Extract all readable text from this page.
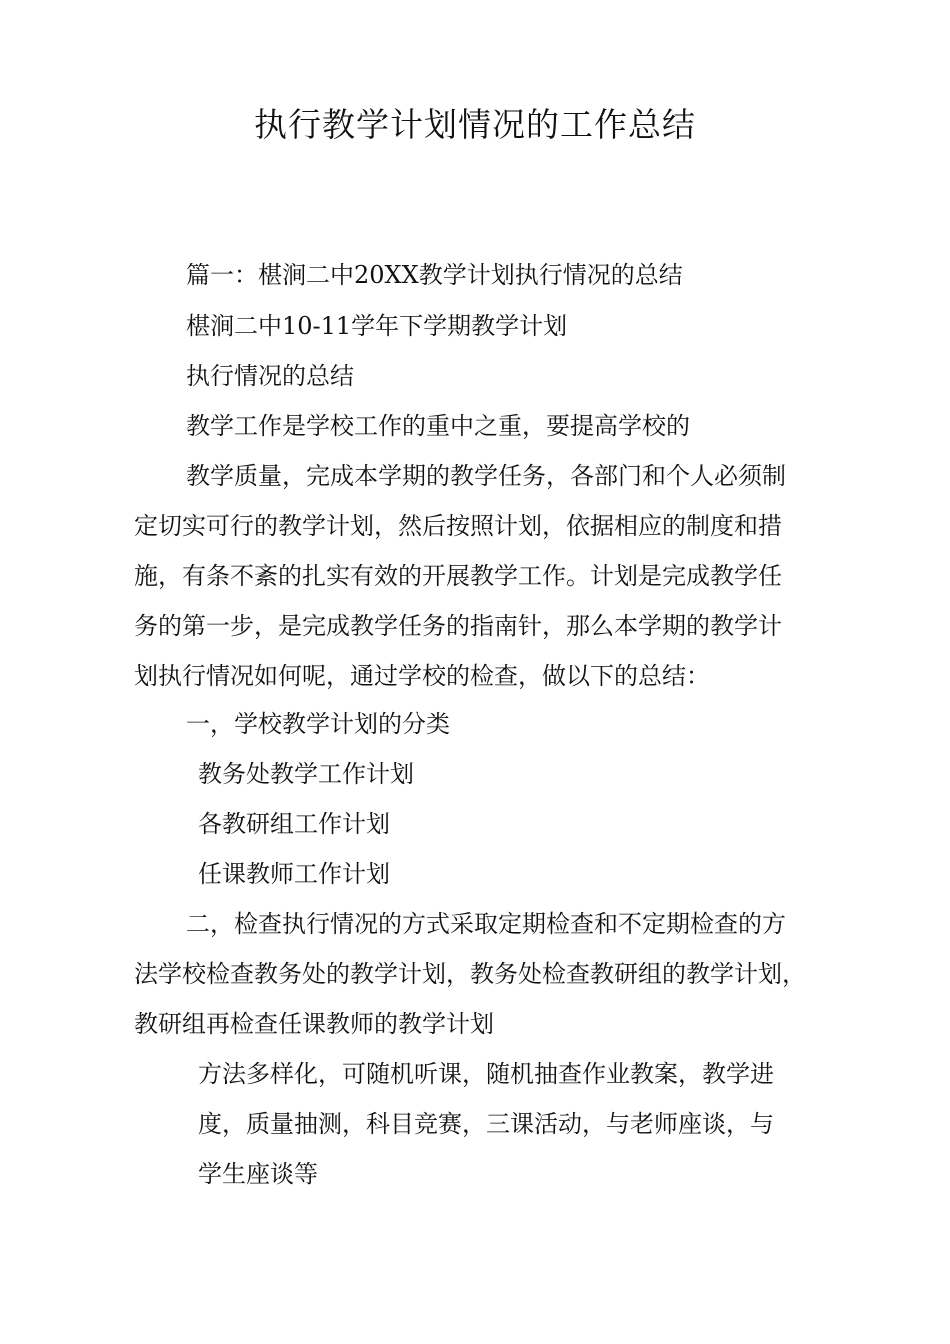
执行教学计划情况的工作总结
篇一：椹涧二中20XX教学计划执行情况的总结
椹涧二中10-11学年下学期教学计划
执行情况的总结
教学工作是学校工作的重中之重，要提高学校的
教学质量，完成本学期的教学任务，各部门和个人必须制
定切实可行的教学计划，然后按照计划，依据相应的制度和措
施，有条不紊的扎实有效的开展教学工作。计划是完成教学任
务的第一步，是完成教学任务的指南针，那么本学期的教学计
划执行情况如何呢，通过学校的检查，做以下的总结：
一，学校教学计划的分类
教务处教学工作计划
各教研组工作计划
任课教师工作计划
二，检查执行情况的方式采取定期检查和不定期检查的方
法学校检查教务处的教学计划，教务处检查教研组的教学计划，
教研组再检查任课教师的教学计划
方法多样化，可随机听课，随机抽查作业教案，教学进
度，质量抽测，科目竞赛，三课活动，与老师座谈，与
学生座谈等
